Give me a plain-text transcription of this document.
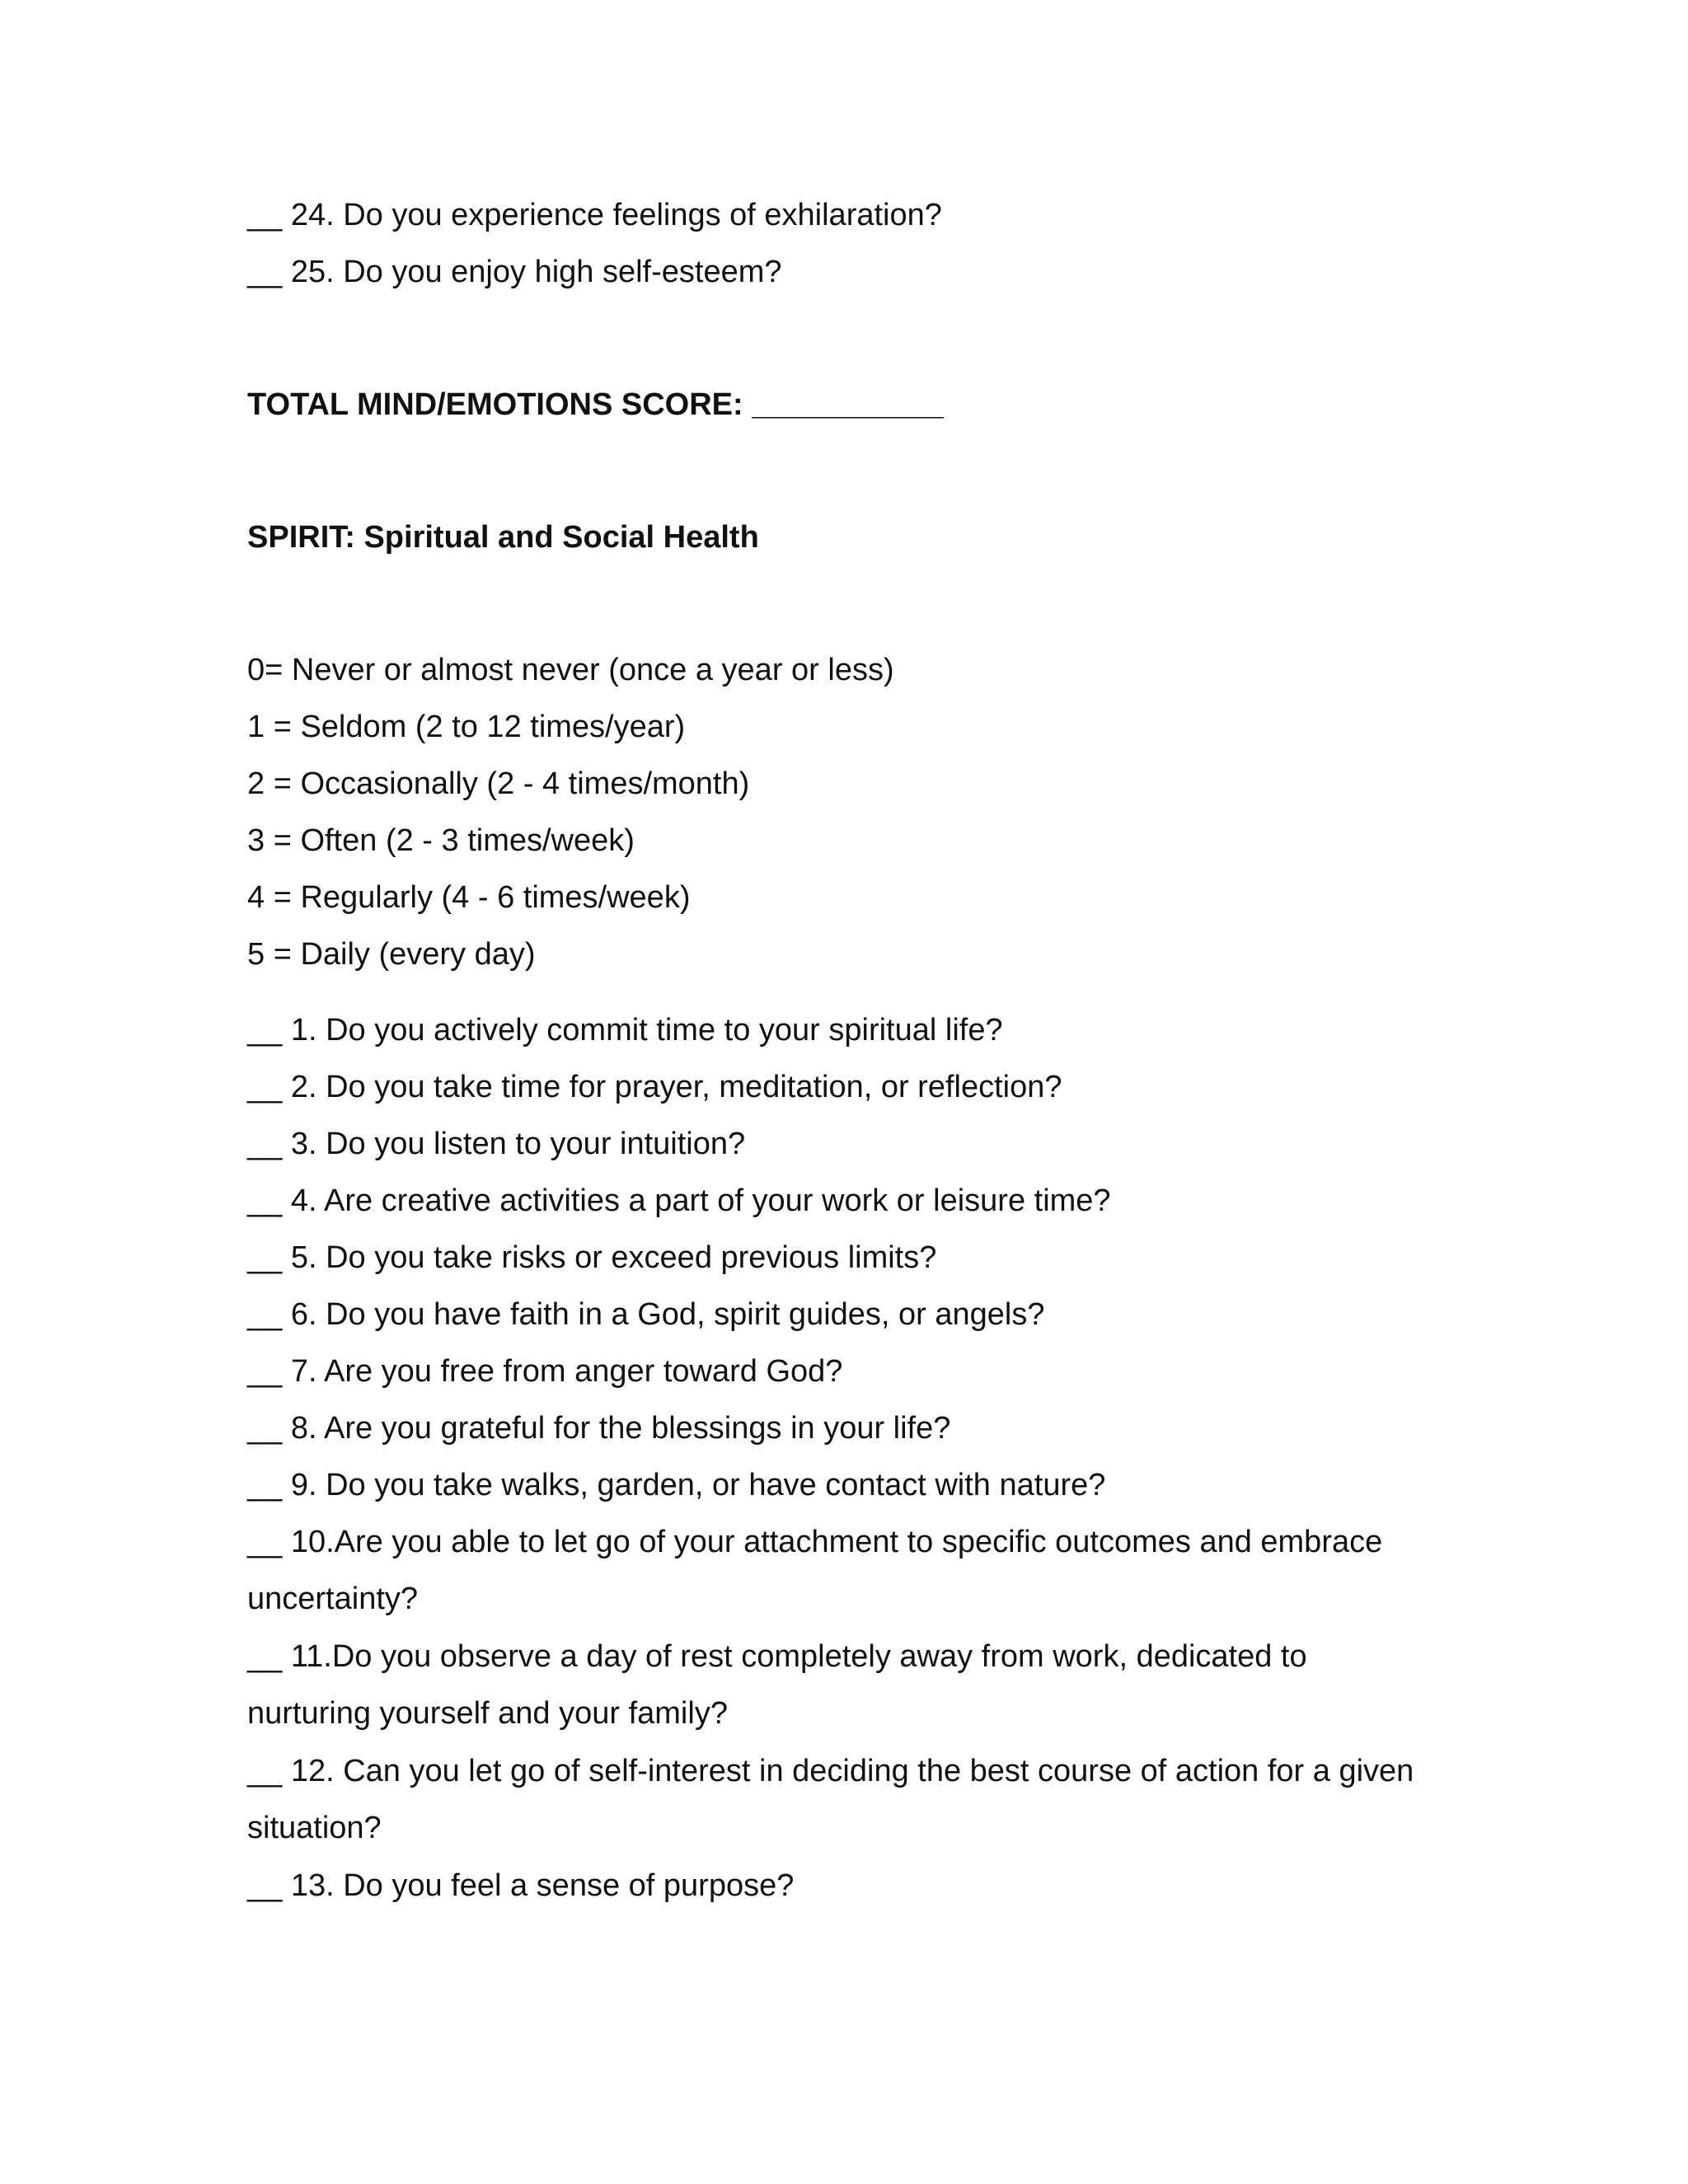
__ 24. Do you experience feelings of exhilaration?
__ 25. Do you enjoy high self-esteem?
TOTAL MIND/EMOTIONS SCORE: ___________
SPIRIT: Spiritual and Social Health
0= Never or almost never (once a year or less)
1 = Seldom (2 to 12 times/year)
2 = Occasionally (2 - 4 times/month)
3 = Often (2 - 3 times/week)
4 = Regularly (4 - 6 times/week)
5 = Daily (every day)
__ 1. Do you actively commit time to your spiritual life?
__ 2. Do you take time for prayer, meditation, or reflection?
__ 3. Do you listen to your intuition?
__ 4. Are creative activities a part of your work or leisure time?
__ 5. Do you take risks or exceed previous limits?
__ 6. Do you have faith in a God, spirit guides, or angels?
__ 7. Are you free from anger toward God?
__ 8. Are you grateful for the blessings in your life?
__ 9. Do you take walks, garden, or have contact with nature?
__ 10.Are you able to let go of your attachment to specific outcomes and embrace uncertainty?
__ 11.Do you observe a day of rest completely away from work, dedicated to nurturing yourself and your family?
__ 12. Can you let go of self-interest in deciding the best course of action for a given situation?
__ 13. Do you feel a sense of purpose?
